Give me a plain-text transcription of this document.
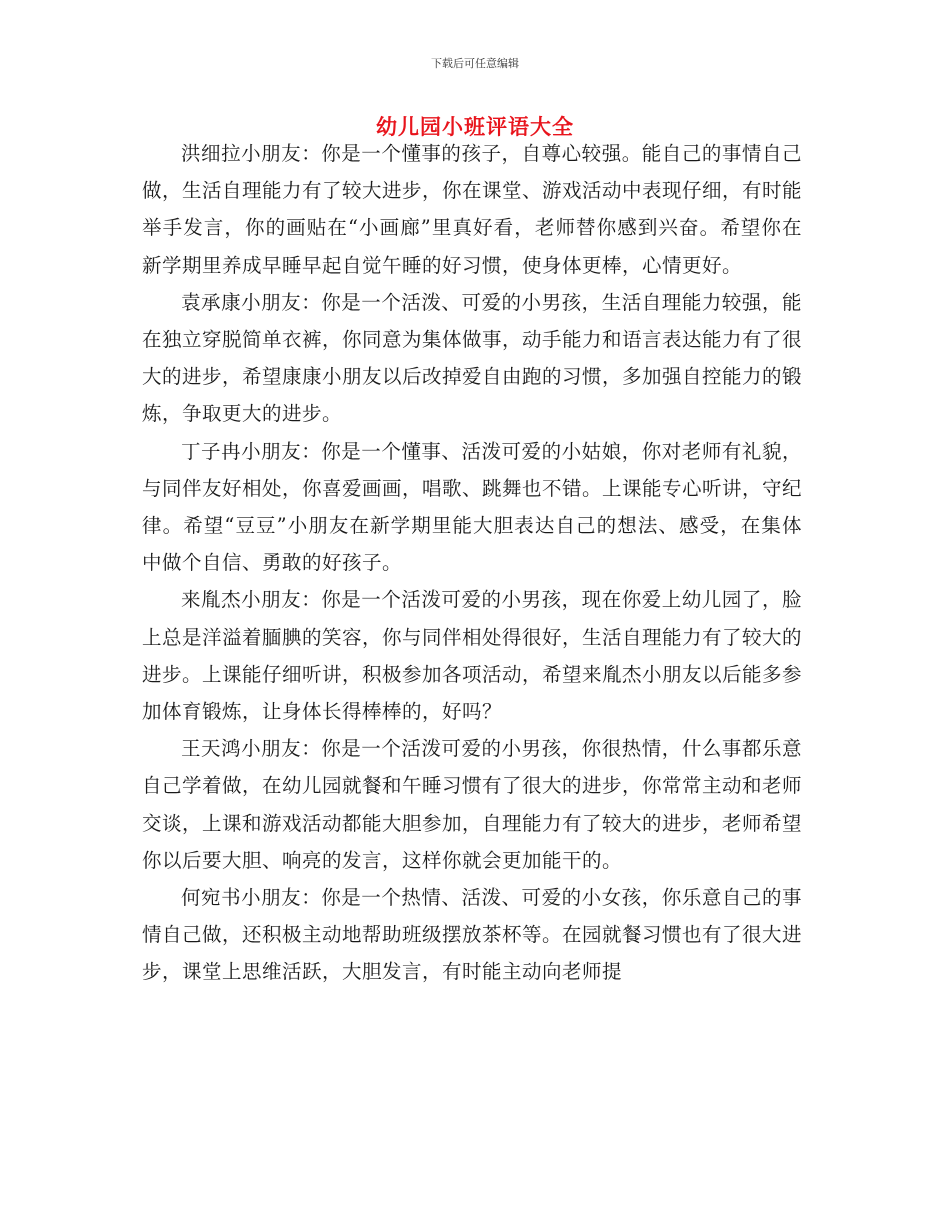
下载后可任意编辑
幼儿园小班评语大全

洪细拉小朋友：你是一个懂事的孩子，自尊心较强。能自己的事情自己做，生活自理能力有了较大进步，你在课堂、游戏活动中表现仔细，有时能举手发言，你的画贴在“小画廊”里真好看，老师替你感到兴奋。希望你在新学期里养成早睡早起自觉午睡的好习惯，使身体更棒，心情更好。

袁承康小朋友：你是一个活泼、可爱的小男孩，生活自理能力较强，能在独立穿脱简单衣裤，你同意为集体做事，动手能力和语言表达能力有了很大的进步，希望康康小朋友以后改掉爱自由跑的习惯，多加强自控能力的锻炼，争取更大的进步。

丁子冉小朋友：你是一个懂事、活泼可爱的小姑娘，你对老师有礼貌，与同伴友好相处，你喜爱画画，唱歌、跳舞也不错。上课能专心听讲，守纪律。希望“豆豆”小朋友在新学期里能大胆表达自己的想法、感受，在集体中做个自信、勇敢的好孩子。

来胤杰小朋友：你是一个活泼可爱的小男孩，现在你爱上幼儿园了，脸上总是洋溢着腼腆的笑容，你与同伴相处得很好，生活自理能力有了较大的进步。上课能仔细听讲，积极参加各项活动，希望来胤杰小朋友以后能多参加体育锻炼，让身体长得棒棒的，好吗？

王天鸿小朋友：你是一个活泼可爱的小男孩，你很热情，什么事都乐意自己学着做，在幼儿园就餐和午睡习惯有了很大的进步，你常常主动和老师交谈，上课和游戏活动都能大胆参加，自理能力有了较大的进步，老师希望你以后要大胆、响亮的发言，这样你就会更加能干的。

何宛书小朋友：你是一个热情、活泼、可爱的小女孩，你乐意自己的事情自己做，还积极主动地帮助班级摆放茶杯等。在园就餐习惯也有了很大进步，课堂上思维活跃，大胆发言，有时能主动向老师提
